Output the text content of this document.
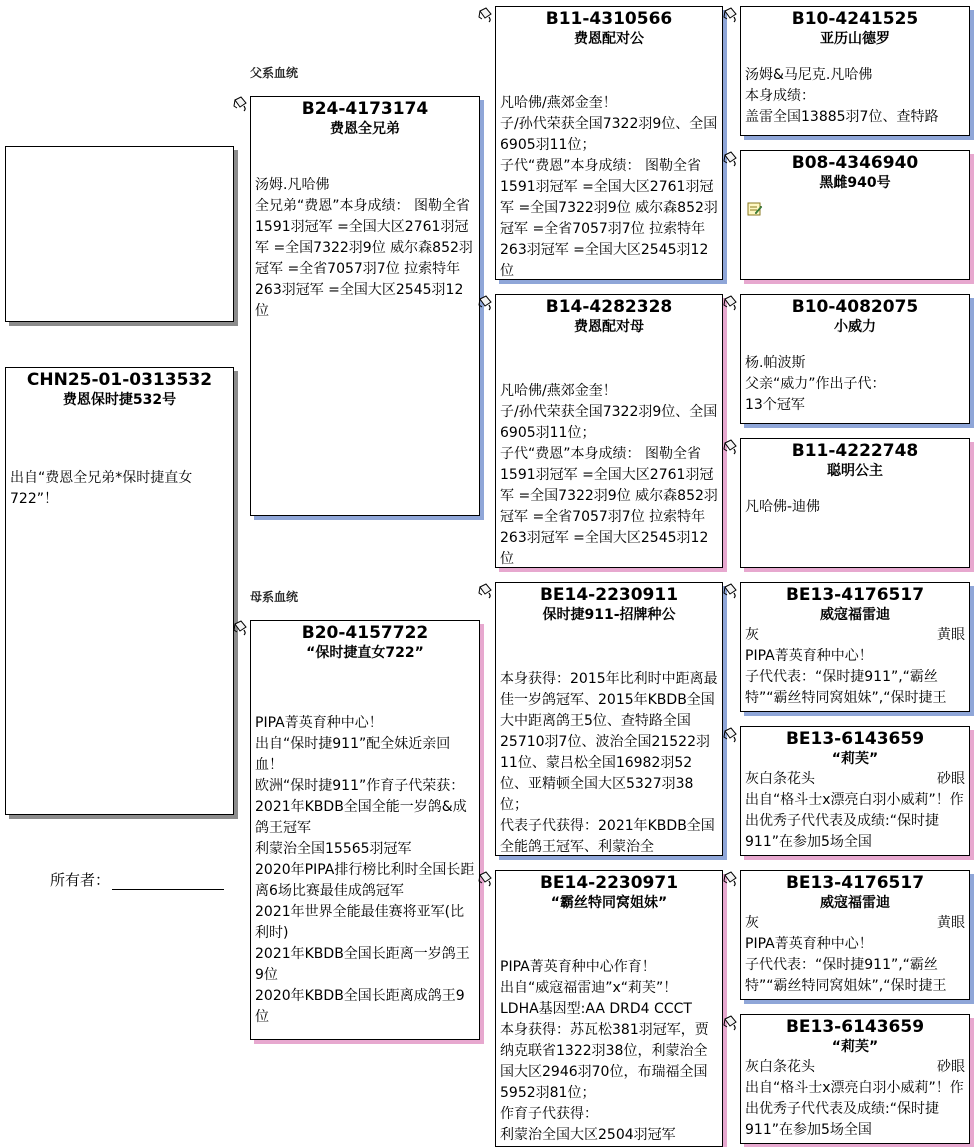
父系血统
母系血统
CHN25-01-0313532
费恩保时捷532号
出自“费恩全兄弟*保时捷直女722”！
所有者：
B24-4173174
费恩全兄弟
汤姆.凡哈佛
全兄弟“费恩”本身成绩： 图勒全省1591羽冠军 =全国大区2761羽冠军 =全国7322羽9位 威尔森852羽冠军 =全省7057羽7位 拉索特年263羽冠军 =全国大区2545羽12位
B20-4157722
“保时捷直女722”
PIPA菁英育种中心！
出自“保时捷911”配全妹近亲回血！
欧洲“保时捷911”作育子代荣获：
2021年KBDB全国全能一岁鸽&成鸽王冠军
利蒙治全国15565羽冠军
2020年PIPA排行榜比利时全国长距离6场比赛最佳成鸽冠军
2021年世界全能最佳赛将亚军(比利时)
2021年KBDB全国长距离一岁鸽王9位
2020年KBDB全国长距离成鸽王9位
B11-4310566
费恩配对公
凡哈佛/燕郊金奎！
子/孙代荣获全国7322羽9位、全国6905羽11位；
子代“费恩”本身成绩： 图勒全省1591羽冠军 =全国大区2761羽冠军 =全国7322羽9位 威尔森852羽冠军 =全省7057羽7位 拉索特年263羽冠军 =全国大区2545羽12位
B14-4282328
费恩配对母
凡哈佛/燕郊金奎！
子/孙代荣获全国7322羽9位、全国6905羽11位；
子代“费恩”本身成绩： 图勒全省1591羽冠军 =全国大区2761羽冠军 =全国7322羽9位 威尔森852羽冠军 =全省7057羽7位 拉索特年263羽冠军 =全国大区2545羽12位
BE14-2230911
保时捷911-招牌种公
本身获得：2015年比利时中距离最佳一岁鸽冠军、2015年KBDB全国大中距离鸽王5位、查特路全国25710羽7位、波治全国21522羽11位、蒙吕松全国16982羽52位、亚精顿全国大区5327羽38位；
代表子代获得：2021年KBDB全国全能鸽王冠军、利蒙治全
BE14-2230971
“霸丝特同窝姐妹”
PIPA菁英育种中心作育！
出自“威寇福雷迪”x“莉芙”！
LDHA基因型:AA DRD4 CCCT
本身获得：苏瓦松381羽冠军，贾纳克联省1322羽38位，利蒙治全国大区2946羽70位，布瑞福全国5952羽81位；
作育子代获得：
利蒙治全国大区2504羽冠军
B10-4241525
亚历山德罗
汤姆&马尼克.凡哈佛
本身成绩：
盖雷全国13885羽7位、查特路
B08-4346940
黑雌940号
B10-4082075
小威力
杨.帕波斯
父亲“威力”作出子代：
13个冠军
B11-4222748
聪明公主
凡哈佛-迪佛
BE13-4176517
威寇福雷迪
灰	黄眼
PIPA菁英育种中心！
子代代表：“保时捷911”,“霸丝特”“霸丝特同窝姐妹”,“保时捷王
BE13-6143659
“莉芙”
灰白条花头	砂眼
出自“格斗士x漂亮白羽小威莉”！作出优秀子代代表及成绩:“保时捷911”在参加5场全国
BE13-4176517
威寇福雷迪
灰	黄眼
PIPA菁英育种中心！
子代代表：“保时捷911”,“霸丝特”“霸丝特同窝姐妹”,“保时捷王
BE13-6143659
“莉芙”
灰白条花头	砂眼
出自“格斗士x漂亮白羽小威莉”！作出优秀子代代表及成绩:“保时捷911”在参加5场全国
